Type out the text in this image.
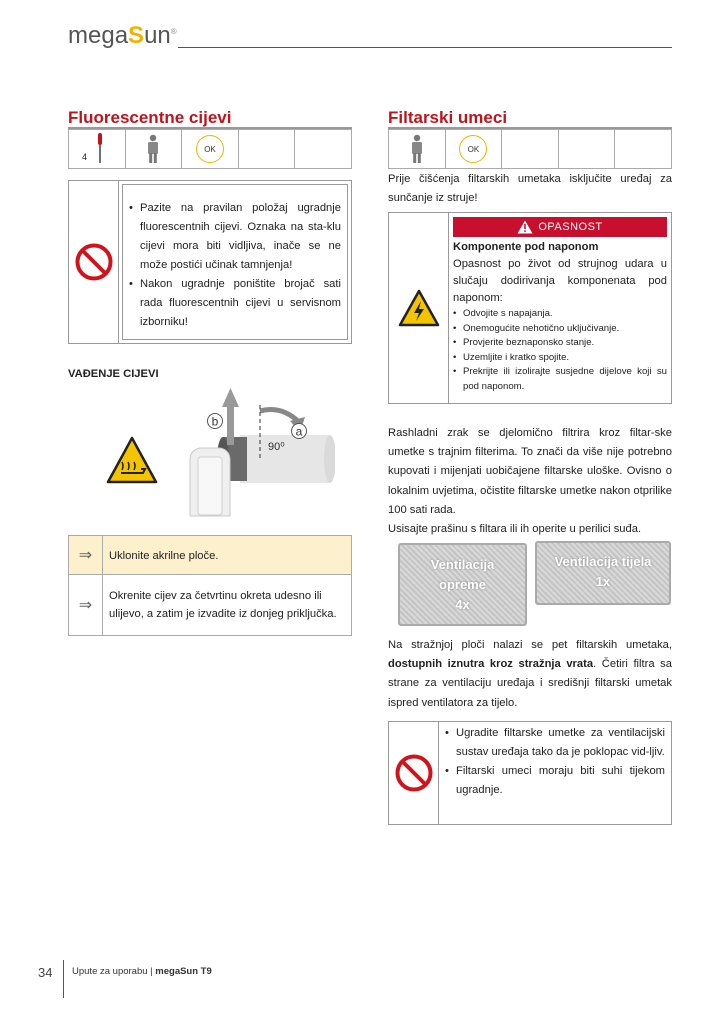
megaSun®
Fluorescentne cijevi
4
OK
• Pazite na pravilan položaj ugradnje fluorescentnih cijevi. Oznaka na sta-klu cijevi mora biti vidljiva, inače se ne može postići učinak tamnjenja!
• Nakon ugradnje poništite brojač sati rada fluorescentnih cijevi u servisnom izborniku!
VAĐENJE CIJEVI
b
a
90⁰
⇒	Uklonite akrilne ploče.
⇒
Okrenite cijev za četvrtinu okreta udesno ili ulijevo, a zatim je izvadite iz donjeg priključka.
Filtarski umeci
OK
Prije čišćenja filtarskih umetaka isključite uređaj za sunčanje iz struje!
OPASNOST
Komponente pod naponom
Opasnost po život od strujnog udara u slučaju dodirivanja komponenata pod naponom:
• Odvojite s napajanja.
• Onemogućite nehotično uključivanje.
• Provjerite beznaponsko stanje.
• Uzemljite i kratko spojite.
• Prekrijte ili izolirajte susjedne dijelove koji su pod naponom.
Rashladni zrak se djelomično filtrira kroz filtar-ske umetke s trajnim filterima. To znači da više nije potrebno kupovati i mijenjati uobičajene filtarske uloške. Ovisno o lokalnim uvjetima, očistite filtarske umetke nakon otprilike 100 sati rada.
Usisajte prašinu s filtara ili ih operite u perilici suđa.
Ventilacija
opreme
4x
Ventilacija tijela
1x
Na stražnjoj ploči nalazi se pet filtarskih umetaka, dostupnih iznutra kroz stražnja vrata. Četiri filtra sa strane za ventilaciju uređaja i središnji filtarski umetak ispred ventilatora za tijelo.
• Ugradite filtarske umetke za ventilacijski sustav uređaja tako da je poklopac vid-ljiv.
• Filtarski umeci moraju biti suhi tijekom ugradnje.
34 Upute za uporabu | megaSun T9
